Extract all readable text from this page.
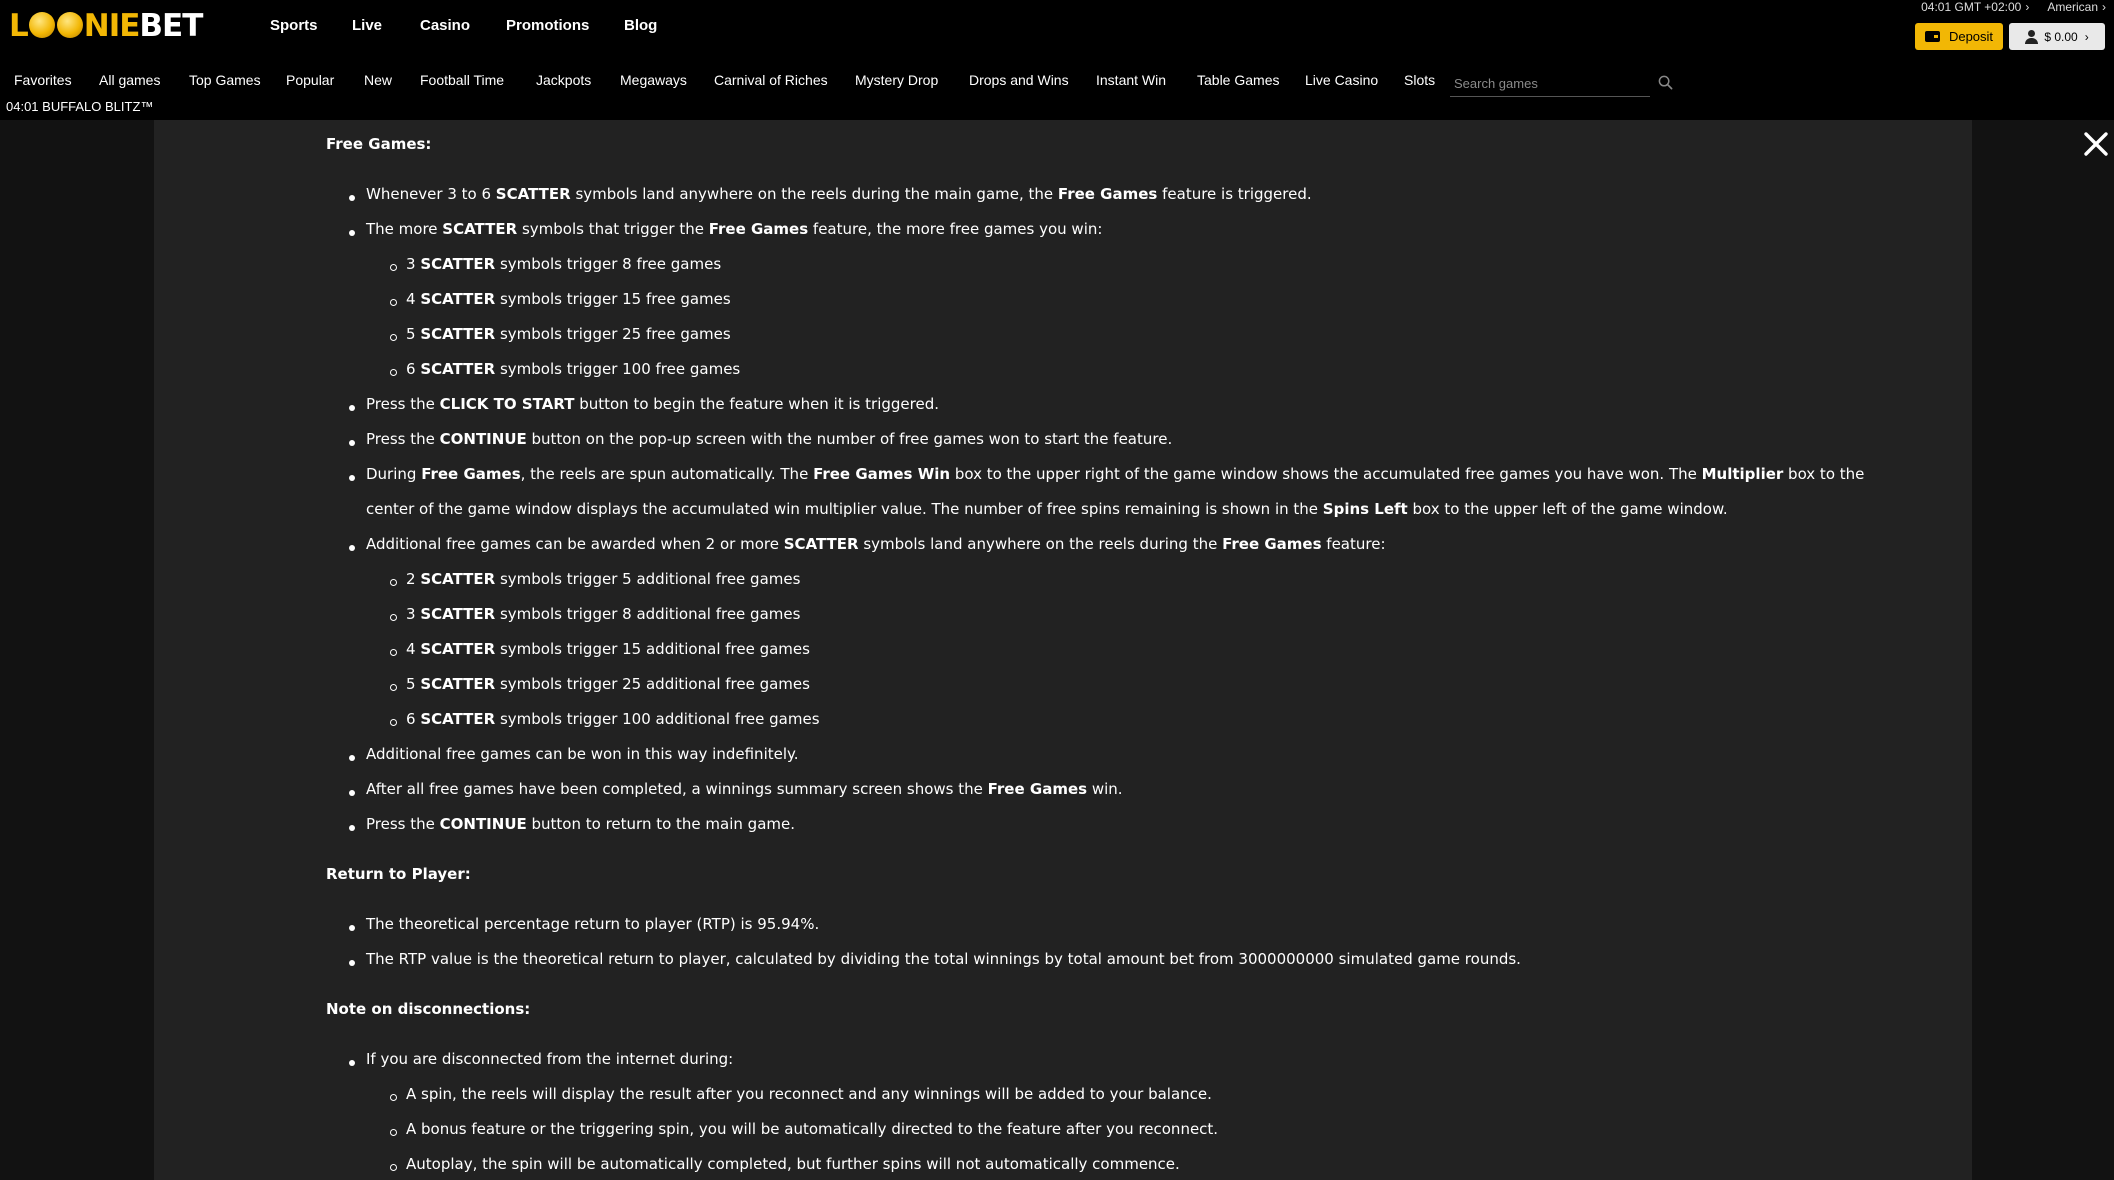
L NIE BET	Sports Live	Casino Promotions Blog
04:01 GMT +02:00 › American ›
Deposit	$ 0.00 ›
Favorites All games Top Games Popular New Football Time Jackpots Megaways Carnival of Riches Mystery Drop Drops and Wins Instant Win Table Games Live Casino Slots
Search games
04:01 BUFFALO BLITZ™
Free Games:
Return to Player:
Note on disconnections:
Whenever 3 to 6 SCATTER symbols land anywhere on the reels during the main game, the Free Games feature is triggered.
The more SCATTER symbols that trigger the Free Games feature, the more free games you win:
3 SCATTER symbols trigger 8 free games
4 SCATTER symbols trigger 15 free games
5 SCATTER symbols trigger 25 free games
6 SCATTER symbols trigger 100 free games
Press the CLICK TO START button to begin the feature when it is triggered.
Press the CONTINUE button on the pop-up screen with the number of free games won to start the feature.
During Free Games, the reels are spun automatically. The Free Games Win box to the upper right of the game window shows the accumulated free games you have won. The Multiplier box to the
center of the game window displays the accumulated win multiplier value. The number of free spins remaining is shown in the Spins Left box to the upper left of the game window.
Additional free games can be awarded when 2 or more SCATTER symbols land anywhere on the reels during the Free Games feature:
2 SCATTER symbols trigger 5 additional free games
3 SCATTER symbols trigger 8 additional free games
4 SCATTER symbols trigger 15 additional free games
5 SCATTER symbols trigger 25 additional free games
6 SCATTER symbols trigger 100 additional free games
Additional free games can be won in this way indefinitely.
After all free games have been completed, a winnings summary screen shows the Free Games win.
Press the CONTINUE button to return to the main game.
The theoretical percentage return to player (RTP) is 95.94%.
The RTP value is the theoretical return to player, calculated by dividing the total winnings by total amount bet from 3000000000 simulated game rounds.
If you are disconnected from the internet during:
A spin, the reels will display the result after you reconnect and any winnings will be added to your balance.
A bonus feature or the triggering spin, you will be automatically directed to the feature after you reconnect.
Autoplay, the spin will be automatically completed, but further spins will not automatically commence.
